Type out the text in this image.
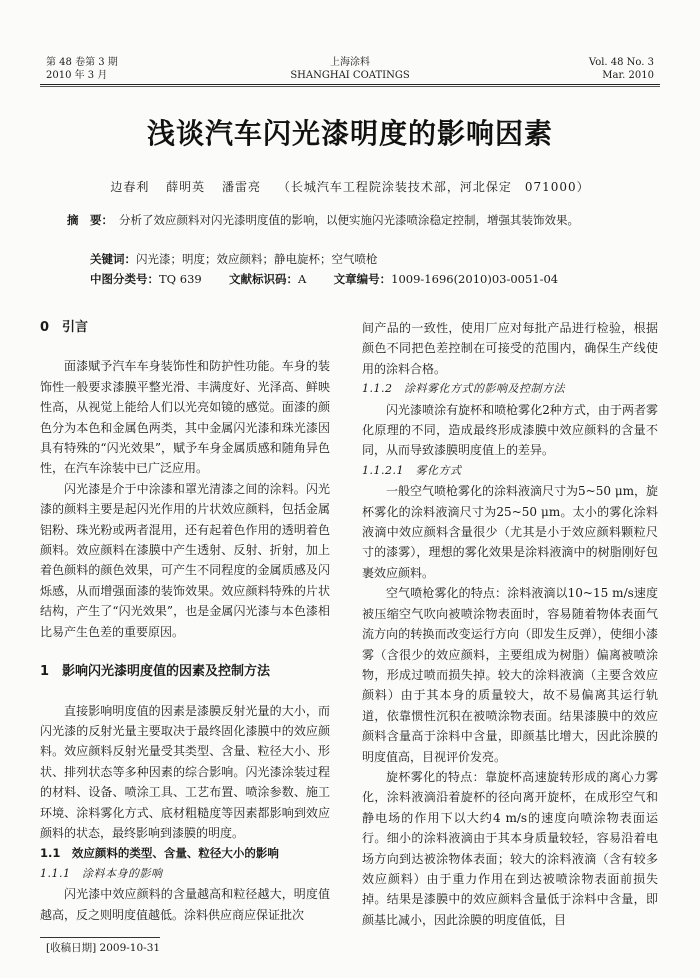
第 48 卷第 3 期
2010 年 3 月
上海涂料
SHANGHAI COATINGS
Vol. 48 No. 3
Mar. 2010
浅谈汽车闪光漆明度的影响因素
边春利 薛明英 潘雷亮 （长城汽车工程院涂装技术部，河北保定　071000）
摘　要： 分析了效应颜料对闪光漆明度值的影响，以便实施闪光漆喷涂稳定控制，增强其装饰效果。
关键词：闪光漆；明度；效应颜料；静电旋杯；空气喷枪
中图分类号：TQ 639 文献标识码：A 文章编号：1009-1696(2010)03-0051-04

0　引言

面漆赋予汽车车身装饰性和防护性功能。车身的装饰性一般要求漆膜平整光滑、丰满度好、光泽高、鲜映性高，从视觉上能给人们以光亮如镜的感觉。面漆的颜色分为本色和金属色两类，其中金属闪光漆和珠光漆因具有特殊的“闪光效果”，赋予车身金属质感和随角异色性，在汽车涂装中已广泛应用。

闪光漆是介于中涂漆和罩光清漆之间的涂料。闪光漆的颜料主要是起闪光作用的片状效应颜料，包括金属铝粉、珠光粉或两者混用，还有起着色作用的透明着色颜料。效应颜料在漆膜中产生透射、反射、折射，加上着色颜料的颜色效果，可产生不同程度的金属质感及闪烁感，从而增强面漆的装饰效果。效应颜料特殊的片状结构，产生了“闪光效果”，也是金属闪光漆与本色漆相比易产生色差的重要原因。

1　影响闪光漆明度值的因素及控制方法

直接影响明度值的因素是漆膜反射光量的大小，而闪光漆的反射光量主要取决于最终固化漆膜中的效应颜料。效应颜料反射光量受其类型、含量、粒径大小、形状、排列状态等多种因素的综合影响。闪光漆涂装过程的材料、设备、喷涂工具、工艺布置、喷涂参数、施工环境、涂料雾化方式、底材粗糙度等因素都影响到效应颜料的状态，最终影响到漆膜的明度。

1.1　效应颜料的类型、含量、粒径大小的影响

1.1.1　涂料本身的影响

闪光漆中效应颜料的含量越高和粒径越大，明度值越高，反之则明度值越低。涂料供应商应保证批次

间产品的一致性，使用厂应对每批产品进行检验，根据颜色不同把色差控制在可接受的范围内，确保生产线使用的涂料合格。

1.1.2　涂料雾化方式的影响及控制方法

闪光漆喷涂有旋杯和喷枪雾化2种方式，由于两者雾化原理的不同，造成最终形成漆膜中效应颜料的含量不同，从而导致漆膜明度值上的差异。

1.1.2.1　雾化方式

一般空气喷枪雾化的涂料液滴尺寸为5~50 μm，旋杯雾化的涂料液滴尺寸为25~50 μm。太小的雾化涂料液滴中效应颜料含量很少（尤其是小于效应颜料颗粒尺寸的漆雾），理想的雾化效果是涂料液滴中的树脂刚好包裹效应颜料。

空气喷枪雾化的特点：涂料液滴以10~15 m/s速度被压缩空气吹向被喷涂物表面时，容易随着物体表面气流方向的转换而改变运行方向（即发生反弹），使细小漆雾（含很少的效应颜料，主要组成为树脂）偏离被喷涂物，形成过喷而损失掉。较大的涂料液滴（主要含效应颜料）由于其本身的质量较大，故不易偏离其运行轨道，依靠惯性沉积在被喷涂物表面。结果漆膜中的效应颜料含量高于涂料中含量，即颜基比增大，因此涂膜的明度值高，目视评价发亮。

旋杯雾化的特点：靠旋杯高速旋转形成的离心力雾化，涂料液滴沿着旋杯的径向离开旋杯，在成形空气和静电场的作用下以大约4 m/s的速度向喷涂物表面运行。细小的涂料液滴由于其本身质量较轻，容易沿着电场方向到达被涂物体表面；较大的涂料液滴（含有较多效应颜料）由于重力作用在到达被喷涂物表面前损失掉。结果是漆膜中的效应颜料含量低于涂料中含量，即颜基比减小，因此涂膜的明度值低，目

[收稿日期] 2009-10-31
